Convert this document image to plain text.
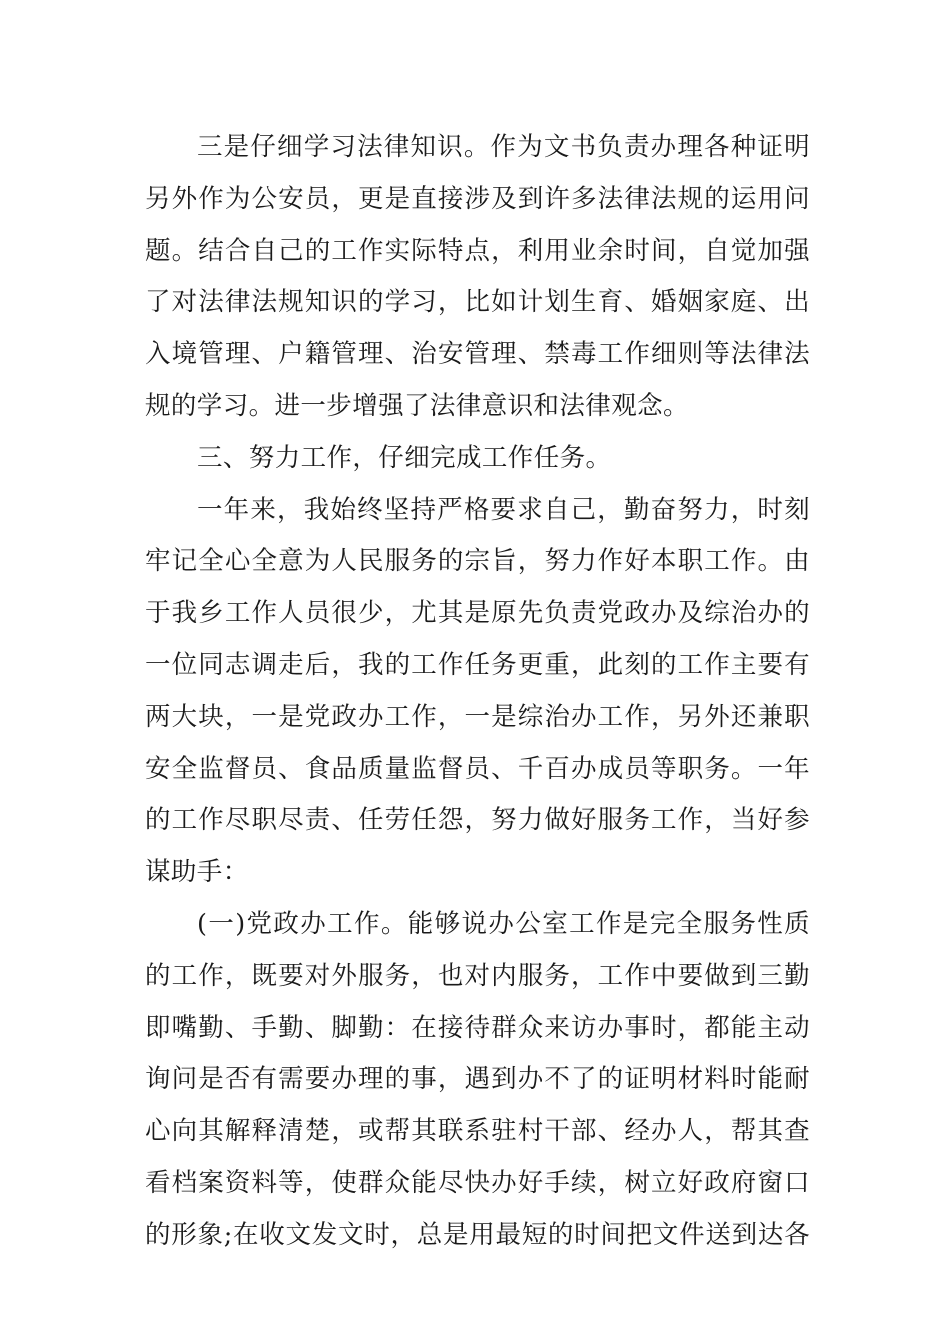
三是仔细学习法律知识。作为文书负责办理各种证明
另外作为公安员，更是直接涉及到许多法律法规的运用问
题。结合自己的工作实际特点，利用业余时间，自觉加强
了对法律法规知识的学习，比如计划生育、婚姻家庭、出
入境管理、户籍管理、治安管理、禁毒工作细则等法律法
规的学习。进一步增强了法律意识和法律观念。
三、努力工作，仔细完成工作任务。
一年来，我始终坚持严格要求自己，勤奋努力，时刻
牢记全心全意为人民服务的宗旨，努力作好本职工作。由
于我乡工作人员很少，尤其是原先负责党政办及综治办的
一位同志调走后，我的工作任务更重，此刻的工作主要有
两大块，一是党政办工作，一是综治办工作，另外还兼职
安全监督员、食品质量监督员、千百办成员等职务。一年
的工作尽职尽责、任劳任怨，努力做好服务工作，当好参
谋助手：
(一)党政办工作。能够说办公室工作是完全服务性质
的工作，既要对外服务，也对内服务，工作中要做到三勤
即嘴勤、手勤、脚勤：在接待群众来访办事时，都能主动
询问是否有需要办理的事，遇到办不了的证明材料时能耐
心向其解释清楚，或帮其联系驻村干部、经办人，帮其查
看档案资料等，使群众能尽快办好手续，树立好政府窗口
的形象;在收文发文时，总是用最短的时间把文件送到达各
